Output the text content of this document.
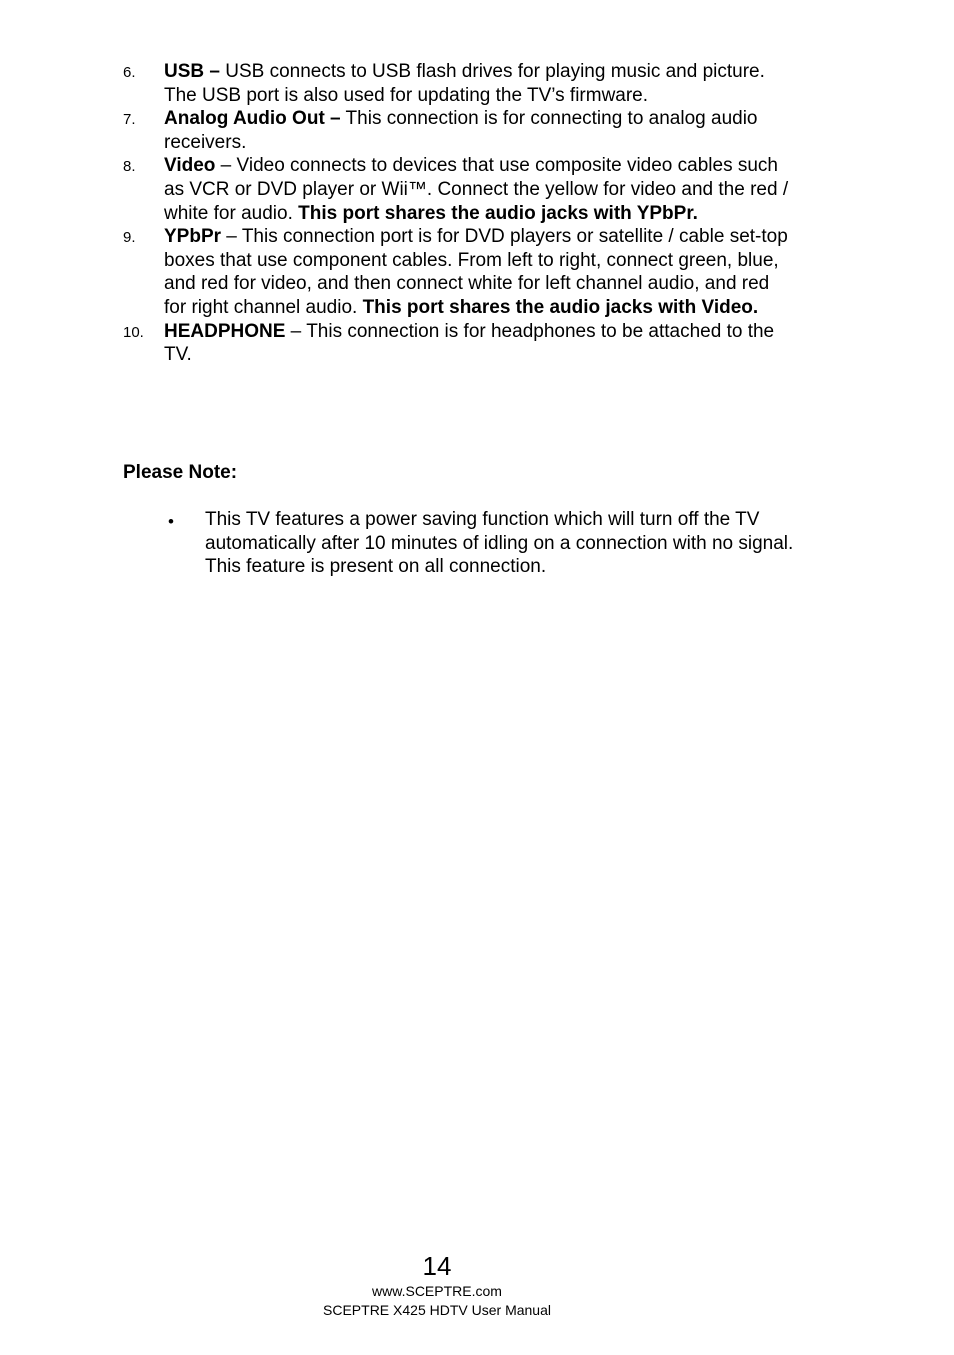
6. USB – USB connects to USB flash drives for playing music and picture. The USB port is also used for updating the TV’s firmware.
7. Analog Audio Out – This connection is for connecting to analog audio receivers.
8. Video – Video connects to devices that use composite video cables such as VCR or DVD player or Wii™. Connect the yellow for video and the red / white for audio. This port shares the audio jacks with YPbPr.
9. YPbPr – This connection port is for DVD players or satellite / cable set-top boxes that use component cables. From left to right, connect green, blue, and red for video, and then connect white for left channel audio, and red for right channel audio. This port shares the audio jacks with Video.
10. HEADPHONE – This connection is for headphones to be attached to the TV.
Please Note:
• This TV features a power saving function which will turn off the TV automatically after 10 minutes of idling on a connection with no signal. This feature is present on all connection.
14
www.SCEPTRE.com
SCEPTRE X425 HDTV User Manual
